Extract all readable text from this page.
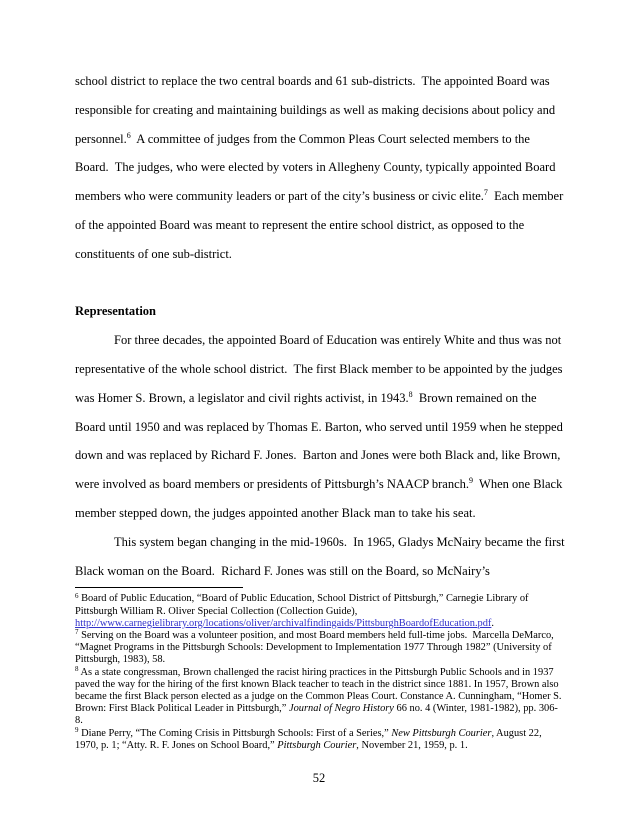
school district to replace the two central boards and 61 sub-districts.  The appointed Board was responsible for creating and maintaining buildings as well as making decisions about policy and personnel.$^6$  A committee of judges from the Common Pleas Court selected members to the Board.  The judges, who were elected by voters in Allegheny County, typically appointed Board members who were community leaders or part of the city’s business or civic elite.$^7$  Each member of the appointed Board was meant to represent the entire school district, as opposed to the constituents of one sub-district.

Representation

For three decades, the appointed Board of Education was entirely White and thus was not representative of the whole school district.  The first Black member to be appointed by the judges was Homer S. Brown, a legislator and civil rights activist, in 1943.$^8$  Brown remained on the Board until 1950 and was replaced by Thomas E. Barton, who served until 1959 when he stepped down and was replaced by Richard F. Jones.  Barton and Jones were both Black and, like Brown, were involved as board members or presidents of Pittsburgh’s NAACP branch.$^9$  When one Black member stepped down, the judges appointed another Black man to take his seat.

This system began changing in the mid-1960s.  In 1965, Gladys McNairy became the first Black woman on the Board.  Richard F. Jones was still on the Board, so McNairy’s

$^6$ Board of Public Education, “Board of Public Education, School District of Pittsburgh,” Carnegie Library of Pittsburgh William R. Oliver Special Collection (Collection Guide), http://www.carnegielibrary.org/locations/oliver/archivalfindingaids/PittsburghBoardofEducation.pdf.

$^7$ Serving on the Board was a volunteer position, and most Board members held full-time jobs.  Marcella DeMarco, “Magnet Programs in the Pittsburgh Schools: Development to Implementation 1977 Through 1982” (University of Pittsburgh, 1983), 58.

$^8$ As a state congressman, Brown challenged the racist hiring practices in the Pittsburgh Public Schools and in 1937 paved the way for the hiring of the first known Black teacher to teach in the district since 1881. In 1957, Brown also became the first Black person elected as a judge on the Common Pleas Court. Constance A. Cunningham, “Homer S. Brown: First Black Political Leader in Pittsburgh,” Journal of Negro History 66 no. 4 (Winter, 1981-1982), pp. 306-8.

$^9$ Diane Perry, “The Coming Crisis in Pittsburgh Schools: First of a Series,” New Pittsburgh Courier, August 22, 1970, p. 1; “Atty. R. F. Jones on School Board,” Pittsburgh Courier, November 21, 1959, p. 1.

52
